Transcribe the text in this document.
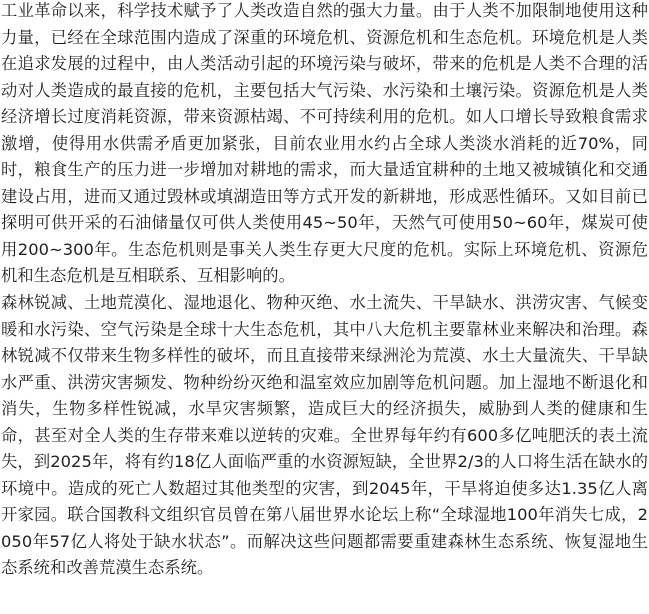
工业革命以来，科学技术赋予了人类改造自然的强大力量。由于人类不加限制地使用这种力量，已经在全球范围内造成了深重的环境危机、资源危机和生态危机。环境危机是人类在追求发展的过程中，由人类活动引起的环境污染与破坏，带来的危机是人类不合理的活动对人类造成的最直接的危机，主要包括大气污染、水污染和土壤污染。资源危机是人类经济增长过度消耗资源，带来资源枯竭、不可持续利用的危机。如人口增长导致粮食需求激增，使得用水供需矛盾更加紧张，目前农业用水约占全球人类淡水消耗的近70%，同时，粮食生产的压力进一步增加对耕地的需求，而大量适宜耕种的土地又被城镇化和交通建设占用，进而又通过毁林或填湖造田等方式开发的新耕地，形成恶性循环。又如目前已探明可供开采的石油储量仅可供人类使用45~50年，天然气可使用50~60年，煤炭可使用200~300年。生态危机则是事关人类生存更大尺度的危机。实际上环境危机、资源危机和生态危机是互相联系、互相影响的。

森林锐减、土地荒漠化、湿地退化、物种灭绝、水土流失、干旱缺水、洪涝灾害、气候变暖和水污染、空气污染是全球十大生态危机，其中八大危机主要靠林业来解决和治理。森林锐减不仅带来生物多样性的破坏，而且直接带来绿洲沦为荒漠、水土大量流失、干旱缺水严重、洪涝灾害频发、物种纷纷灭绝和温室效应加剧等危机问题。加上湿地不断退化和消失，生物多样性锐减，水旱灾害频繁，造成巨大的经济损失，威胁到人类的健康和生命，甚至对全人类的生存带来难以逆转的灾难。全世界每年约有600多亿吨肥沃的表土流失，到2025年，将有约18亿人面临严重的水资源短缺，全世界2/3的人口将生活在缺水的环境中。造成的死亡人数超过其他类型的灾害，到2045年，干旱将迫使多达1.35亿人离开家园。联合国教科文组织官员曾在第八届世界水论坛上称“全球湿地100年消失七成，2050年57亿人将处于缺水状态”。而解决这些问题都需要重建森林生态系统、恢复湿地生态系统和改善荒漠生态系统。
